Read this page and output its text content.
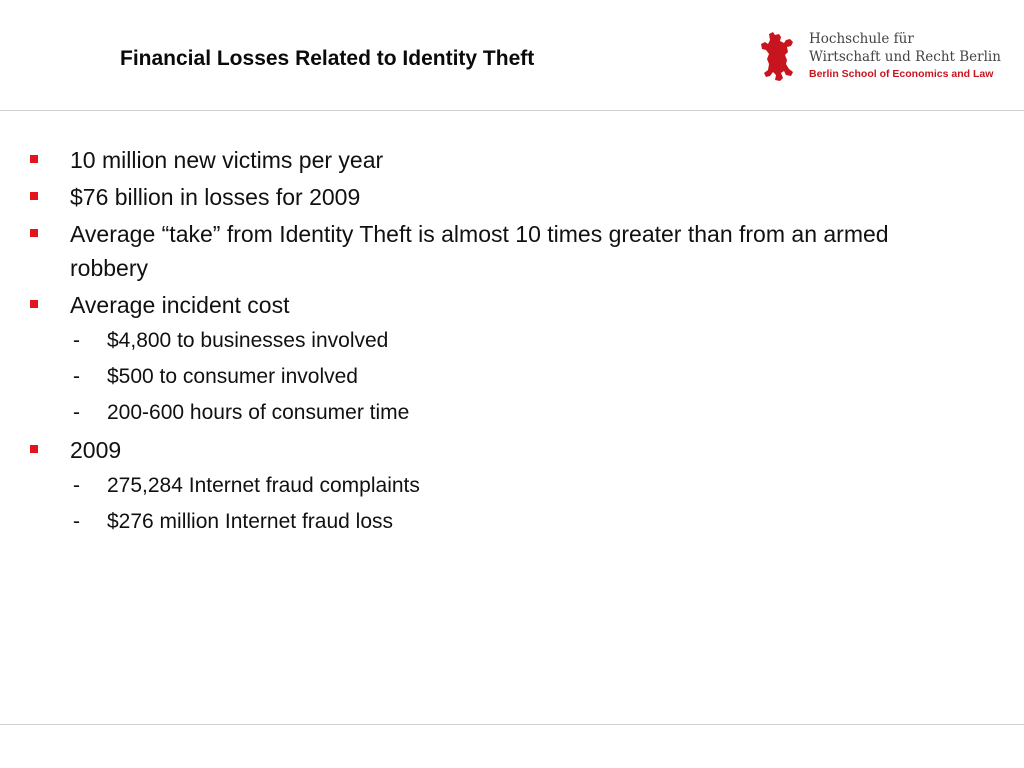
Financial Losses Related to Identity Theft
Hochschule für
Wirtschaft und Recht Berlin
Berlin School of Economics and Law
10 million new victims per year
$76 billion in losses for 2009
Average “take” from Identity Theft is almost 10 times greater than from an armed robbery
Average incident cost
- $4,800 to businesses involved
- $500 to consumer involved
- 200-600 hours of consumer time
2009
- 275,284 Internet fraud complaints
- $276 million Internet fraud loss
